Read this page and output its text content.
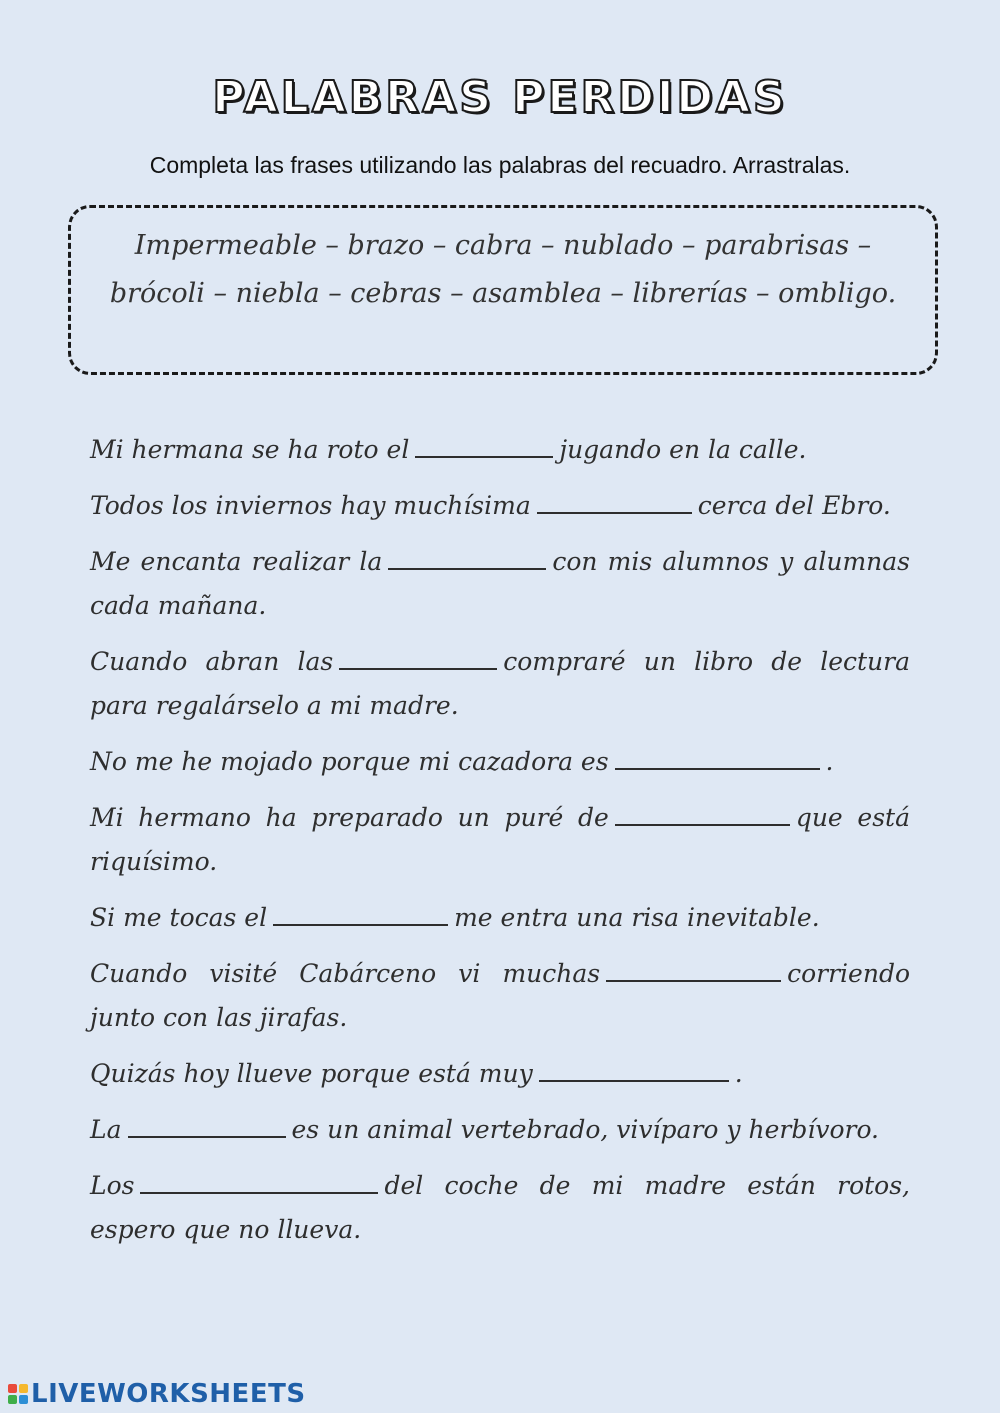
PALABRAS PERDIDAS
Completa las frases utilizando las palabras del recuadro. Arrastralas.
Impermeable – brazo – cabra – nublado – parabrisas – brócoli – niebla – cebras – asamblea – librerías – ombligo.

Mi hermana se ha roto el	jugando en la calle.

Todos los inviernos hay muchísima	cerca del Ebro.

Me encanta realizar la	con mis alumnos y alumnas cada mañana.

Cuando abran las	compraré un libro de lectura para regalárselo a mi madre.

No me he mojado porque mi cazadora es	.

Mi hermano ha preparado un puré de	que está riquísimo.

Si me tocas el	me entra una risa inevitable.

Cuando visité Cabárceno vi muchas	corriendo junto con las jirafas.

Quizás hoy llueve porque está muy	.

La	es un animal vertebrado, vivíparo y herbívoro.

Los	del coche de mi madre están rotos, espero que no llueva.

LIVEWORKSHEETS
